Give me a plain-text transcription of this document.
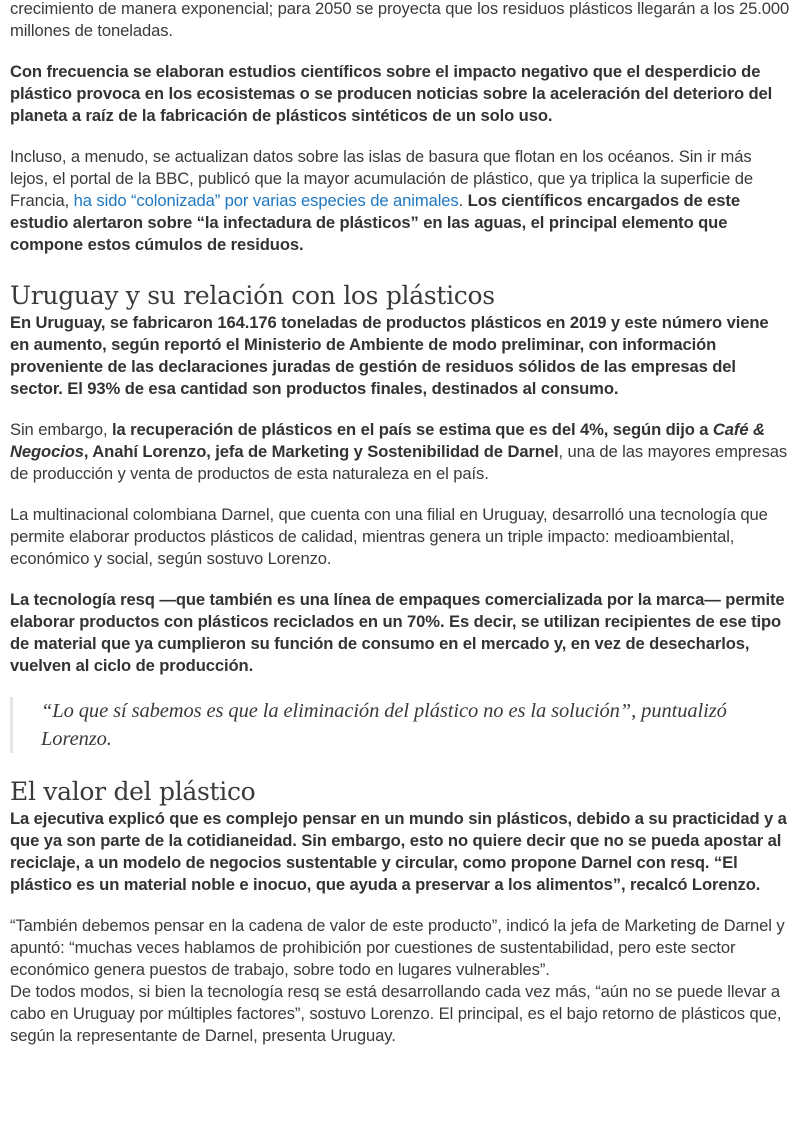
crecimiento de manera exponencial; para 2050 se proyecta que los residuos plásticos llegarán a los 25.000 millones de toneladas.

Con frecuencia se elaboran estudios científicos sobre el impacto negativo que el desperdicio de plástico provoca en los ecosistemas o se producen noticias sobre la aceleración del deterioro del planeta a raíz de la fabricación de plásticos sintéticos de un solo uso.

Incluso, a menudo, se actualizan datos sobre las islas de basura que flotan en los océanos. Sin ir más lejos, el portal de la BBC, publicó que la mayor acumulación de plástico, que ya triplica la superficie de Francia, ha sido “colonizada” por varias especies de animales. Los científicos encargados de este estudio alertaron sobre “la infectadura de plásticos” en las aguas, el principal elemento que compone estos cúmulos de residuos.

Uruguay y su relación con los plásticos

En Uruguay, se fabricaron 164.176 toneladas de productos plásticos en 2019 y este número viene en aumento, según reportó el Ministerio de Ambiente de modo preliminar, con información proveniente de las declaraciones juradas de gestión de residuos sólidos de las empresas del sector. El 93% de esa cantidad son productos finales, destinados al consumo.

Sin embargo, la recuperación de plásticos en el país se estima que es del 4%, según dijo a Café & Negocios, Anahí Lorenzo, jefa de Marketing y Sostenibilidad de Darnel, una de las mayores empresas de producción y venta de productos de esta naturaleza en el país.

La multinacional colombiana Darnel, que cuenta con una filial en Uruguay, desarrolló una tecnología que permite elaborar productos plásticos de calidad, mientras genera un triple impacto: medioambiental, económico y social, según sostuvo Lorenzo.

La tecnología resq —que también es una línea de empaques comercializada por la marca— permite elaborar productos con plásticos reciclados en un 70%. Es decir, se utilizan recipientes de ese tipo de material que ya cumplieron su función de consumo en el mercado y, en vez de desecharlos, vuelven al ciclo de producción.

“Lo que sí sabemos es que la eliminación del plástico no es la solución”, puntualizó Lorenzo.

El valor del plástico

La ejecutiva explicó que es complejo pensar en un mundo sin plásticos, debido a su practicidad y a que ya son parte de la cotidianeidad. Sin embargo, esto no quiere decir que no se pueda apostar al reciclaje, a un modelo de negocios sustentable y circular, como propone Darnel con resq. “El plástico es un material noble e inocuo, que ayuda a preservar a los alimentos”, recalcó Lorenzo.

“También debemos pensar en la cadena de valor de este producto”, indicó la jefa de Marketing de Darnel y apuntó: “muchas veces hablamos de prohibición por cuestiones de sustentabilidad, pero este sector económico genera puestos de trabajo, sobre todo en lugares vulnerables”.

De todos modos, si bien la tecnología resq se está desarrollando cada vez más, “aún no se puede llevar a cabo en Uruguay por múltiples factores”, sostuvo Lorenzo. El principal, es el bajo retorno de plásticos que, según la representante de Darnel, presenta Uruguay.
